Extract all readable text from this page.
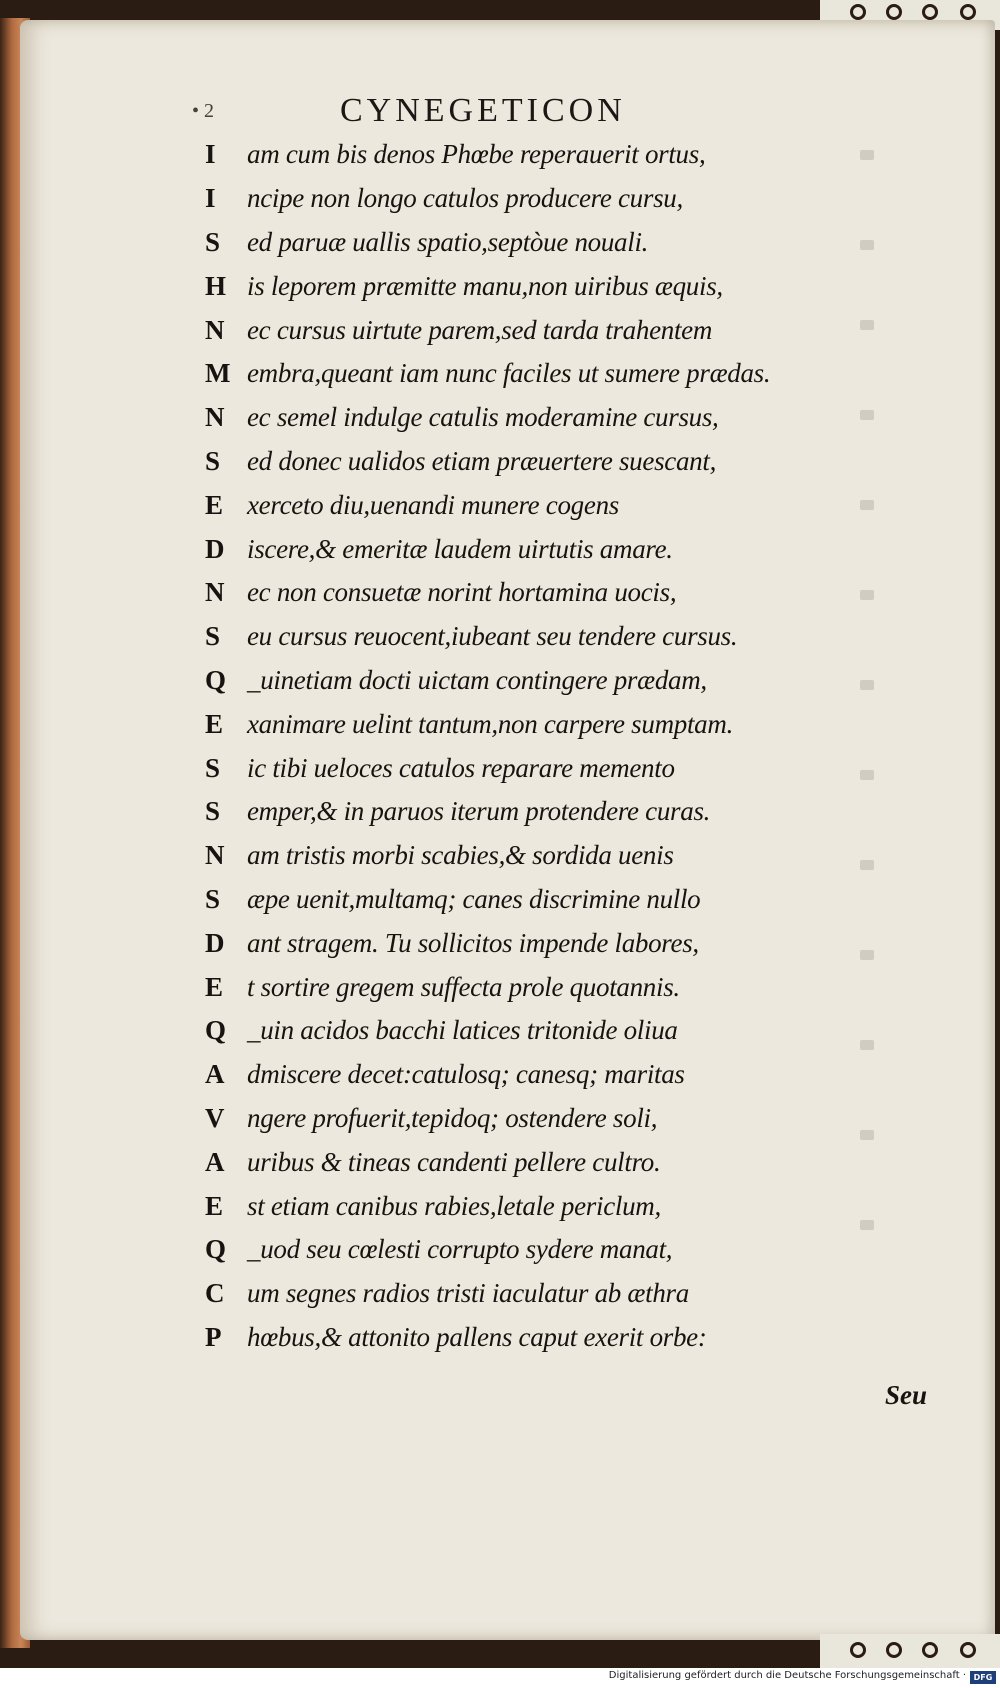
• 2	CYNEGETICON
I	am cum bis denos Phœbe reperauerit ortus,
I	ncipe non longo catulos producere cursu,
S ed paruæ uallis spatio,septòue nouali.
H is leporem præmitte manu,non uiribus æquis,
N ec cursus uirtute parem,sed tarda trahentem
M embra,queant iam nunc faciles ut sumere prædas.
N ec semel indulge catulis moderamine cursus,
S ed donec ualidos etiam præuertere suescant,
E xerceto diu,uenandi munere cogens
D iscere,& emeritæ laudem uirtutis amare.
N ec non consuetæ norint hortamina uocis,
S eu cursus reuocent,iubeant seu tendere cursus.
Q _uinetiam docti uictam contingere prædam,
E xanimare uelint tantum,non carpere sumptam.
S ic tibi ueloces catulos reparare memento
S emper,& in paruos iterum protendere curas.
N am tristis morbi scabies,& sordida uenis
S æpe uenit,multamq; canes discrimine nullo
D ant stragem. Tu sollicitos impende labores,
E t sortire gregem suffecta prole quotannis.
Q _uin acidos bacchi latices tritonide oliua
A dmiscere decet:catulosq; canesq; maritas
V ngere profuerit,tepidoq; ostendere soli,
A uribus & tineas candenti pellere cultro.
E st etiam canibus rabies,letale periclum,
Q _uod seu cœlesti corrupto sydere manat,
C um segnes radios tristi iaculatur ab æthra
P hœbus,& attonito pallens caput exerit orbe:
Seu
Digitalisierung gefördert durch die Deutsche Forschungsgemeinschaft · DFG
